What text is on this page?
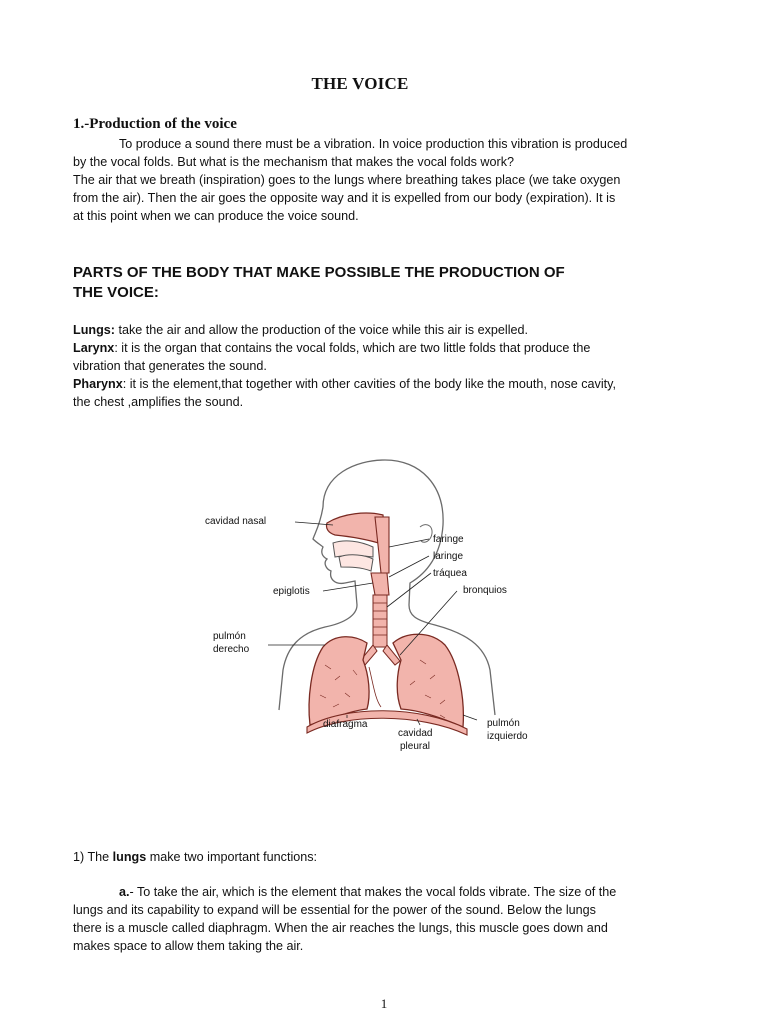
THE VOICE
1.-Production of the voice

To produce a sound there must be a vibration. In voice production this vibration is produced

by the vocal folds. But what is the mechanism that makes the vocal folds work?

The air that we breath (inspiration) goes to the lungs where breathing takes place (we take oxygen

from the air). Then the air goes the opposite way and it is expelled from our body (expiration). It is

at this point when we can produce the voice sound.

PARTS OF THE BODY THAT MAKE POSSIBLE THE PRODUCTION OF
THE VOICE:

Lungs: take the air and allow the production of the voice while this air is expelled.

Larynx: it is the organ that contains the vocal folds, which are two little folds that produce the

vibration that generates the sound.

Pharynx: it is the element,that together with other cavities of the body like the mouth, nose cavity,

the chest ,amplifies the sound.

cavidad nasal
faringe
laringe
tráquea
epiglotis	bronquios
pulmón
derecho
diafragma
cavidad
pleural
pulmón
izquierdo

1) The lungs make two important functions:

a.- To take the air, which is the element that makes the vocal folds vibrate. The size of the

lungs and its capability to expand will be essential for the power of the sound. Below the lungs

there is a muscle called diaphragm. When the air reaches the lungs, this muscle goes down and

makes space to allow them taking the air.

1
